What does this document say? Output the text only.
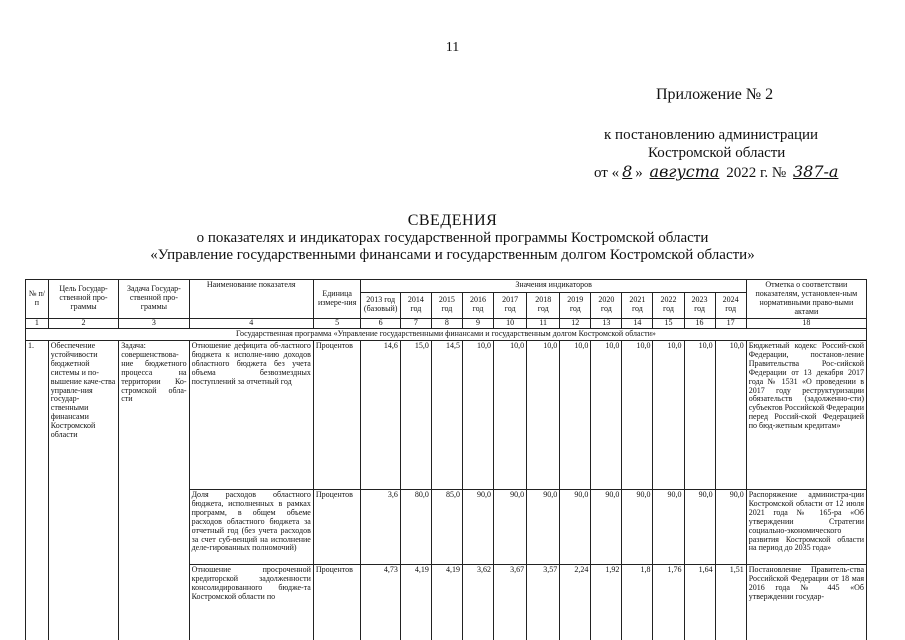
11
Приложение № 2
к постановлению администрации
Костромской области
от « 8 » августа 2022 г. № 387-а
СВЕДЕНИЯ
о показателях и индикаторах государственной программы Костромской области
«Управление государственными финансами и государственным долгом Костромской области»
№ п/п	Цель Государ-ственной про-граммы	Задача Государ-ственной про-граммы	Наименование показателя	Единица измере-ния	Значения индикаторов												Отметка о соответствии показателям, установлен-ным нормативными право-выми актами
					2013 год (базовый)	2014 год	2015 год	2016 год	2017 год	2018 год	2019 год	2020 год	2021 год	2022 год	2023 год	2024 год	
1	2	3	4	5	6	7	8	9	10	11	12	13	14	15	16	17	18
Государственная программа «Управление государственными финансами и государственным долгом Костромской области»																	
1.	Обеспечение устойчивости бюджетной системы и по-вышение каче-ства управле-ния государ-ственными финансами Костромской области	Задача: совершенствова-ние бюджетного процесса на территории Ко-стромской обла-сти	Отношение дефицита об-ластного бюджета к исполне-нию доходов областного бюджета без учета объема безвозмездных поступлений за отчетный год	Процентов	14,6	15,0	14,5	10,0	10,0	10,0	10,0	10,0	10,0	10,0	10,0	10,0	Бюджетный кодекс Россий-ской Федерации, постанов-ление Правительства Рос-сийской Федерации от 13 декабря 2017 года № 1531 «О проведении в 2017 году реструктуризации обязательств (задолженно-сти) субъектов Российской Федерации перед Россий-ской Федерацией по бюд-жетным кредитам»
			Доля расходов областного бюджета, исполненных в рамках программ, в общем объеме расходов областного бюджета за отчетный год (без учета расходов за счет суб-венций на исполнение деле-гированных полномочий)	Процентов	3,6	80,0	85,0	90,0	90,0	90,0	90,0	90,0	90,0	90,0	90,0	90,0	Распоряжение администра-ции Костромской области от 12 июля 2021 года № 165-ра «Об утверждении Стратегии социально-экономического развития Костромской области на период до 2035 года»
			Отношение просроченной кредиторской задолженности консолидированного бюдже-та Костромской области по	Процентов	4,73	4,19	4,19	3,62	3,67	3,57	2,24	1,92	1,8	1,76	1,64	1,51	Постановление Правитель-ства Российской Федерации от 18 мая 2016 года № 445 «Об утверждении государ-
